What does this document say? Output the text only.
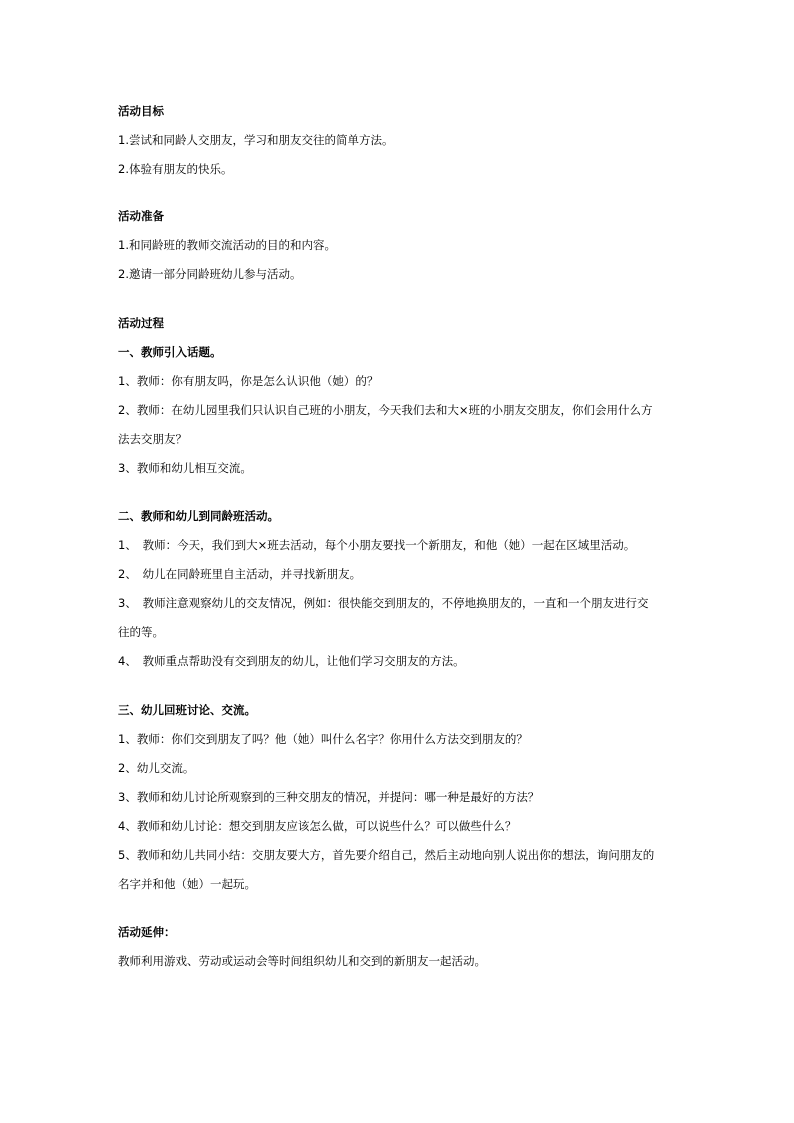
活动目标
1.尝试和同龄人交朋友，学习和朋友交往的简单方法。
2.体验有朋友的快乐。
活动准备
1.和同龄班的教师交流活动的目的和内容。
2.邀请一部分同龄班幼儿参与活动。
活动过程
一、教师引入话题。
1、教师：你有朋友吗，你是怎么认识他（她）的？
2、教师：在幼儿园里我们只认识自己班的小朋友，今天我们去和大×班的小朋友交朋友，你们会用什么方
法去交朋友？
3、教师和幼儿相互交流。
二、教师和幼儿到同龄班活动。
1、　教师：今天，我们到大×班去活动，每个小朋友要找一个新朋友，和他（她）一起在区域里活动。
2、　幼儿在同龄班里自主活动，并寻找新朋友。
3、　教师注意观察幼儿的交友情况，例如：很快能交到朋友的，不停地换朋友的，一直和一个朋友进行交
往的等。
4、　教师重点帮助没有交到朋友的幼儿，让他们学习交朋友的方法。
三、幼儿回班讨论、交流。
1、教师：你们交到朋友了吗？他（她）叫什么名字？你用什么方法交到朋友的？
2、幼儿交流。
3、教师和幼儿讨论所观察到的三种交朋友的情况，并提问：哪一种是最好的方法？
4、教师和幼儿讨论：想交到朋友应该怎么做，可以说些什么？可以做些什么？
5、教师和幼儿共同小结：交朋友要大方，首先要介绍自己，然后主动地向别人说出你的想法，询问朋友的
名字并和他（她）一起玩。
活动延伸：
教师利用游戏、劳动或运动会等时间组织幼儿和交到的新朋友一起活动。
